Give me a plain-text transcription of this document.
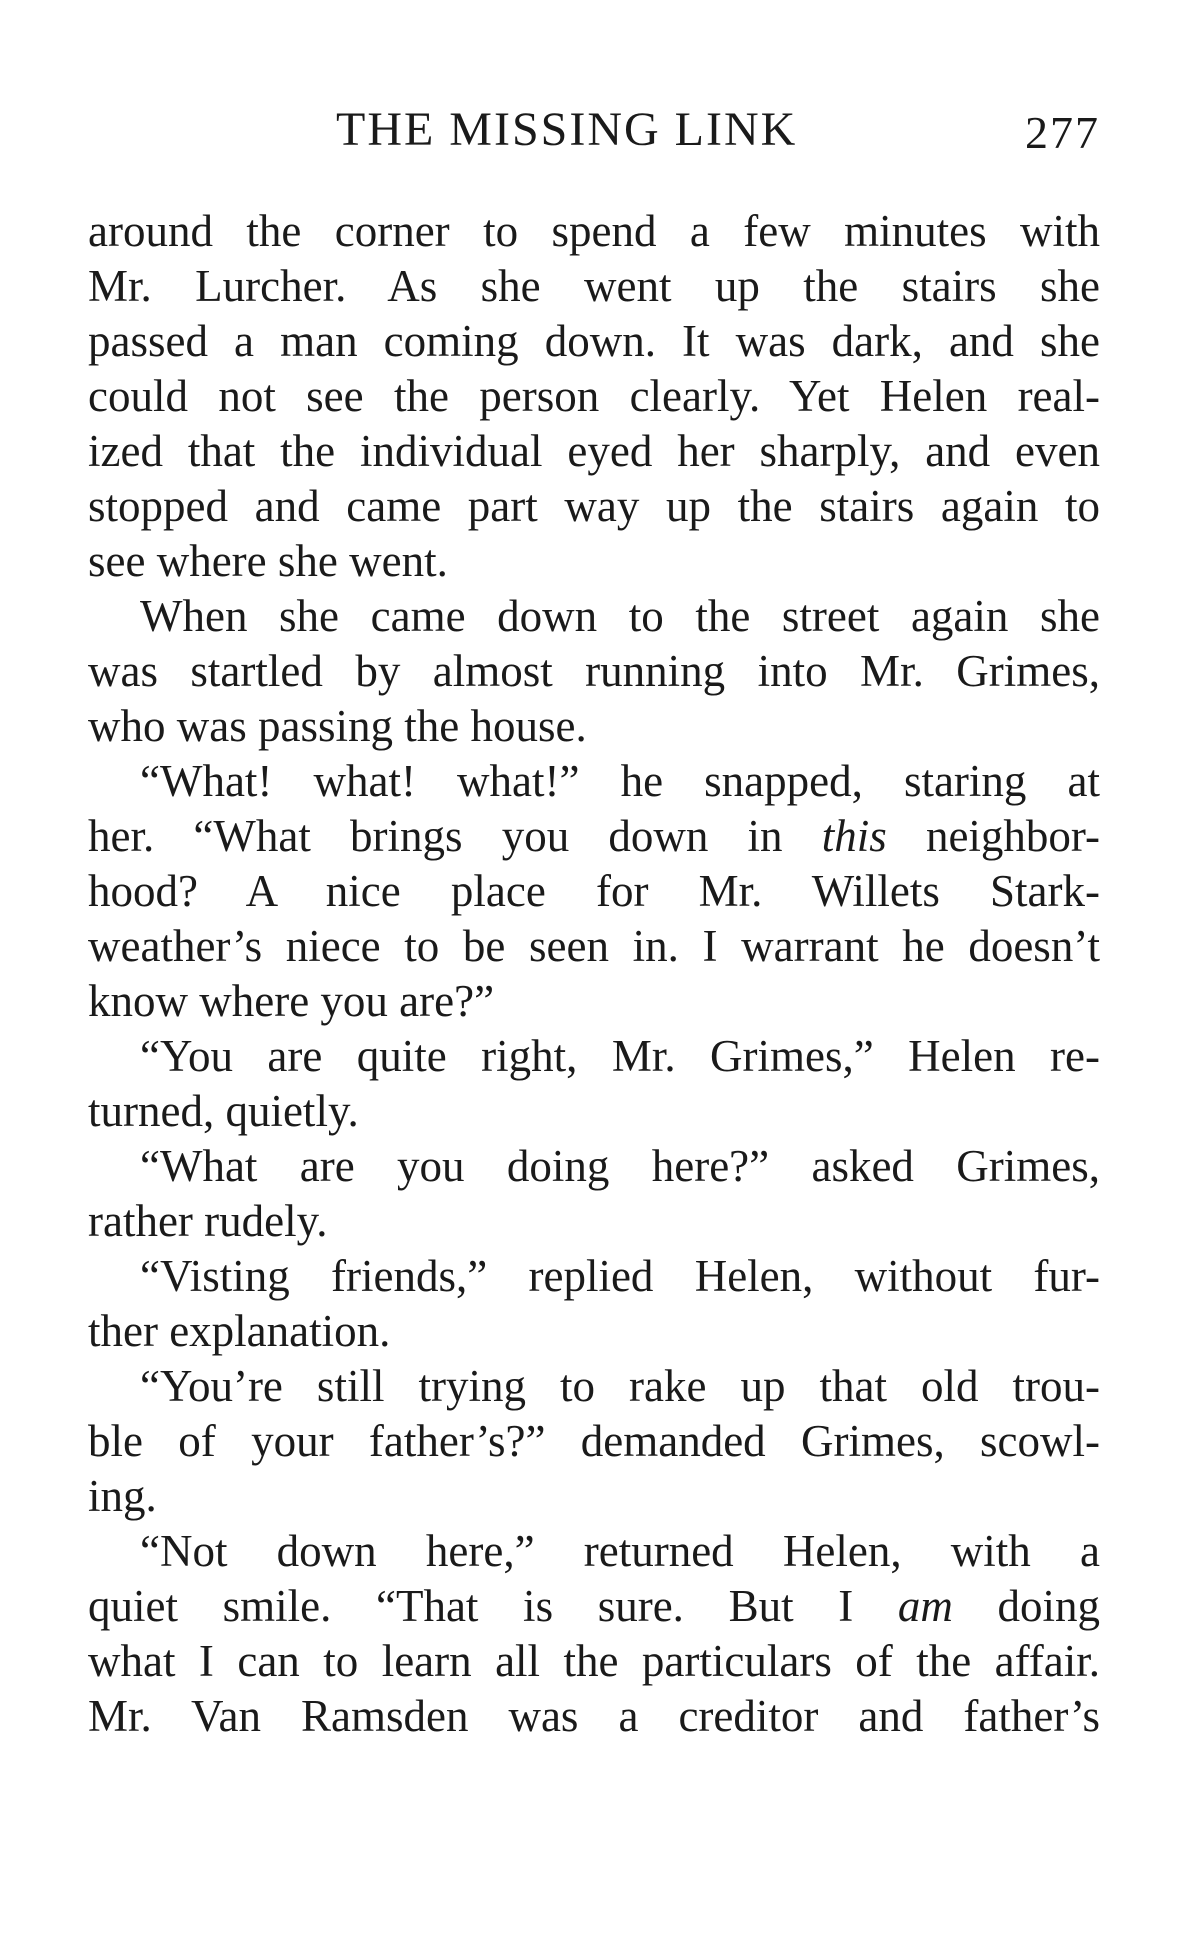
THE MISSING LINK	277
around the corner to spend a few minutes with
Mr. Lurcher. As she went up the stairs she
passed a man coming down. It was dark, and she
could not see the person clearly. Yet Helen real-
ized that the individual eyed her sharply, and even
stopped and came part way up the stairs again to
see where she went.
When she came down to the street again she
was startled by almost running into Mr. Grimes,
who was passing the house.
“What! what! what!” he snapped, staring at
her. “What brings you down in this neighbor-
hood? A nice place for Mr. Willets Stark-
weather’s niece to be seen in. I warrant he doesn’t
know where you are?”
“You are quite right, Mr. Grimes,” Helen re-
turned, quietly.
“What are you doing here?” asked Grimes,
rather rudely.
“Visting friends,” replied Helen, without fur-
ther explanation.
“You’re still trying to rake up that old trou-
ble of your father’s?” demanded Grimes, scowl-
ing.
“Not down here,” returned Helen, with a
quiet smile. “That is sure. But I am doing
what I can to learn all the particulars of the affair.
Mr. Van Ramsden was a creditor and father’s
